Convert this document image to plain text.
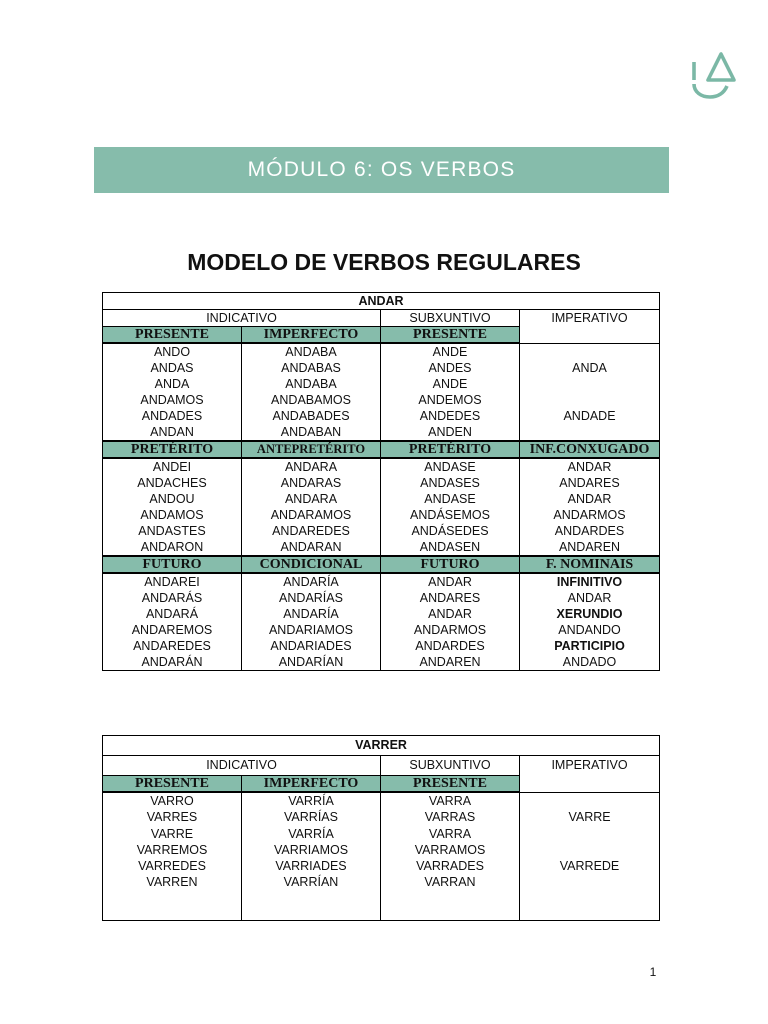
MÓDULO 6: OS VERBOS
MODELO DE VERBOS REGULARES
ANDAR			
INDICATIVO		SUBXUNTIVO	IMPERATIVO
PRESENTE	IMPERFECTO	PRESENTE	
ANDO	ANDABA	ANDE	
ANDAS	ANDABAS	ANDES	ANDA
ANDA	ANDABA	ANDE	
ANDAMOS	ANDABAMOS	ANDEMOS	
ANDADES	ANDABADES	ANDEDES	ANDADE
ANDAN	ANDABAN	ANDEN	
PRETÉRITO	ANTEPRETÉRITO	PRETÉRITO	INF.CONXUGADO
ANDEI	ANDARA	ANDASE	ANDAR
ANDACHES	ANDARAS	ANDASES	ANDARES
ANDOU	ANDARA	ANDASE	ANDAR
ANDAMOS	ANDARAMOS	ANDÁSEMOS	ANDARMOS
ANDASTES	ANDAREDES	ANDÁSEDES	ANDARDES
ANDARON	ANDARAN	ANDASEN	ANDAREN
FUTURO	CONDICIONAL	FUTURO	F. NOMINAIS
ANDAREI	ANDARÍA	ANDAR	INFINITIVO
ANDARÁS	ANDARÍAS	ANDARES	ANDAR
ANDARÁ	ANDARÍA	ANDAR	XERUNDIO
ANDAREMOS	ANDARIAMOS	ANDARMOS	ANDANDO
ANDAREDES	ANDARIADES	ANDARDES	PARTICIPIO
ANDARÁN	ANDARÍAN	ANDAREN	ANDADO
VARRER			
INDICATIVO		SUBXUNTIVO	IMPERATIVO
PRESENTE	IMPERFECTO	PRESENTE	
VARRO	VARRÍA	VARRA	
VARRES	VARRÍAS	VARRAS	VARRE
VARRE	VARRÍA	VARRA	
VARREMOS	VARRIAMOS	VARRAMOS	
VARREDES	VARRIADES	VARRADES	VARREDE
VARREN	VARRÍAN	VARRAN	

1
